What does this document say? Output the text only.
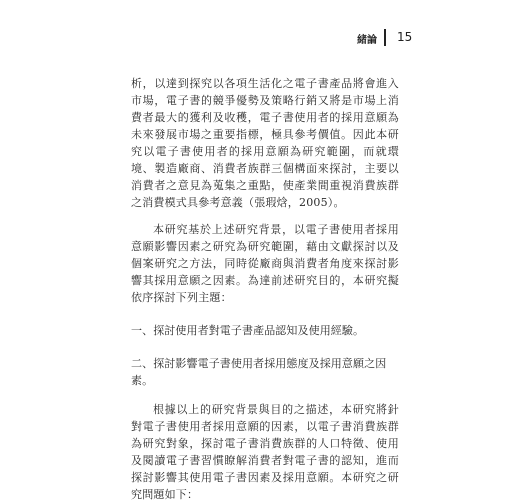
緒論 15

析，以達到探究以各項生活化之電子書產品將會進入市場，電子書的競爭優勢及策略行銷又將是市場上消費者最大的獲利及收穫，電子書使用者的採用意願為未來發展市場之重要指標，極具參考價值。因此本研究以電子書使用者的採用意願為研究範圍，而就環境、製造廠商、消費者族群三個構面來探討，主要以消費者之意見為蒐集之重點，使產業間重視消費族群之消費模式具參考意義（張瑕焓，2005）。

本研究基於上述研究背景，以電子書使用者採用意願影響因素之研究為研究範圍，藉由文獻探討以及個案研究之方法，同時從廠商與消費者角度來探討影響其採用意願之因素。為達前述研究目的，本研究擬依序探討下列主題：

一、探討使用者對電子書產品認知及使用經驗。

二、探討影響電子書使用者採用態度及採用意願之因素。

根據以上的研究背景與目的之描述，本研究將針對電子書使用者採用意願的因素，以電子書消費族群為研究對象，探討電子書消費族群的人口特徵、使用及閱讀電子書習慣瞭解消費者對電子書的認知，進而探討影響其使用電子書因素及採用意願。本研究之研究問題如下：
